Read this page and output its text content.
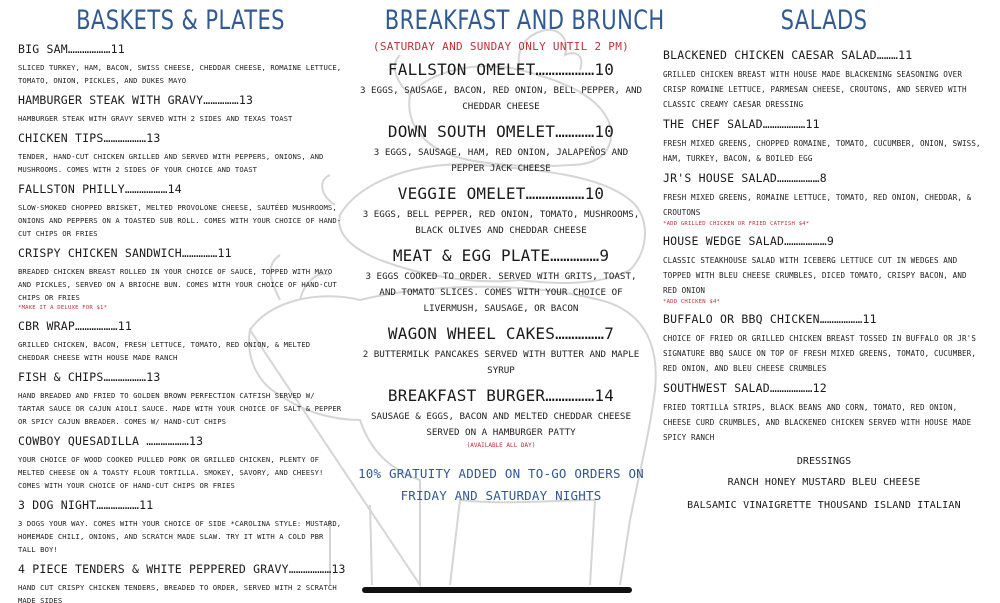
BASKETS & PLATES
BIG SAM………………11
SLICED TURKEY, HAM, BACON, SWISS CHEESE, CHEDDAR CHEESE, ROMAINE LETTUCE, TOMATO, ONION, PICKLES, AND DUKES MAYO
HAMBURGER STEAK WITH GRAVY……………13
HAMBURGER STEAK WITH GRAVY SERVED WITH 2 SIDES AND TEXAS TOAST
CHICKEN TIPS………………13
TENDER, HAND-CUT CHICKEN GRILLED AND SERVED WITH PEPPERS, ONIONS, AND MUSHROOMS. COMES WITH 2 SIDES OF YOUR CHOICE AND TOAST
FALLSTON PHILLY………………14
SLOW-SMOKED CHOPPED BRISKET, MELTED PROVOLONE CHEESE, SAUTÉED MUSHROOMS, ONIONS AND PEPPERS ON A TOASTED SUB ROLL. COMES WITH YOUR CHOICE OF HAND-CUT CHIPS OR FRIES
CRISPY CHICKEN SANDWICH……………11
BREADED CHICKEN BREAST ROLLED IN YOUR CHOICE OF SAUCE, TOPPED WITH MAYO AND PICKLES, SERVED ON A BRIOCHE BUN. COMES WITH YOUR CHOICE OF HAND-CUT CHIPS OR FRIES
*MAKE IT A DELUXE FOR $1*
CBR WRAP………………11
GRILLED CHICKEN, BACON, FRESH LETTUCE, TOMATO, RED ONION, & MELTED CHEDDAR CHEESE WITH HOUSE MADE RANCH
FISH & CHIPS………………13
HAND BREADED AND FRIED TO GOLDEN BROWN PERFECTION CATFISH SERVED W/ TARTAR SAUCE OR CAJUN AIOLI SAUCE. MADE WITH YOUR CHOICE OF SALT & PEPPER OR SPICY CAJUN BREADER. COMES W/ HAND-CUT CHIPS
COWBOY QUESADILLA ………………13
YOUR CHOICE OF WOOD COOKED PULLED PORK OR GRILLED CHICKEN, PLENTY OF MELTED CHEESE ON A TOASTY FLOUR TORTILLA. SMOKEY, SAVORY, AND CHEESY! COMES WITH YOUR CHOICE OF HAND-CUT CHIPS OR FRIES
3 DOG NIGHT………………11
3 DOGS YOUR WAY. COMES WITH YOUR CHOICE OF SIDE *CAROLINA STYLE: MUSTARD, HOMEMADE CHILI, ONIONS, AND SCRATCH MADE SLAW. TRY IT WITH A COLD PBR TALL BOY!
4 PIECE TENDERS & WHITE PEPPERED GRAVY………………13
HAND CUT CRISPY CHICKEN TENDERS, BREADED TO ORDER, SERVED WITH 2 SCRATCH MADE SIDES
BREAKFAST AND BRUNCH
(SATURDAY AND SUNDAY ONLY UNTIL 2 PM)
FALLSTON OMELET………………10
3 EGGS, SAUSAGE, BACON, RED ONION, BELL PEPPER, AND CHEDDAR CHEESE
DOWN SOUTH OMELET…………10
3 EGGS, SAUSAGE, HAM, RED ONION, JALAPEÑOS AND PEPPER JACK CHEESE
VEGGIE OMELET………………10
3 EGGS, BELL PEPPER, RED ONION, TOMATO, MUSHROOMS, BLACK OLIVES AND CHEDDAR CHEESE
MEAT & EGG PLATE……………9
3 EGGS COOKED TO ORDER. SERVED WITH GRITS, TOAST, AND TOMATO SLICES. COMES WITH YOUR CHOICE OF LIVERMUSH, SAUSAGE, OR BACON
WAGON WHEEL CAKES……………7
2 BUTTERMILK PANCAKES SERVED WITH BUTTER AND MAPLE SYRUP
BREAKFAST BURGER……………14
SAUSAGE & EGGS, BACON AND MELTED CHEDDAR CHEESE SERVED ON A HAMBURGER PATTY
(AVAILABLE ALL DAY)
10% GRATUITY ADDED ON TO-GO ORDERS ON FRIDAY AND SATURDAY NIGHTS
SALADS
BLACKENED CHICKEN CAESAR SALAD………11
GRILLED CHICKEN BREAST WITH HOUSE MADE BLACKENING SEASONING OVER CRISP ROMAINE LETTUCE, PARMESAN CHEESE, CROUTONS, AND SERVED WITH CLASSIC CREAMY CAESAR DRESSING
THE CHEF SALAD………………11
FRESH MIXED GREENS, CHOPPED ROMAINE, TOMATO, CUCUMBER, ONION, SWISS, HAM, TURKEY, BACON, & BOILED EGG
JR'S HOUSE SALAD………………8
FRESH MIXED GREENS, ROMAINE LETTUCE, TOMATO, RED ONION, CHEDDAR, & CROUTONS
*ADD GRILLED CHICKEN OR FRIED CATFISH $4*
HOUSE WEDGE SALAD………………9
CLASSIC STEAKHOUSE SALAD WITH ICEBERG LETTUCE CUT IN WEDGES AND TOPPED WITH BLEU CHEESE CRUMBLES, DICED TOMATO, CRISPY BACON, AND RED ONION
*ADD CHICKEN $4*
BUFFALO OR BBQ CHICKEN………………11
CHOICE OF FRIED OR GRILLED CHICKEN BREAST TOSSED IN BUFFALO OR JR'S SIGNATURE BBQ SAUCE ON TOP OF FRESH MIXED GREENS, TOMATO, CUCUMBER, RED ONION, AND BLEU CHEESE CRUMBLES
SOUTHWEST SALAD………………12
FRIED TORTILLA STRIPS, BLACK BEANS AND CORN, TOMATO, RED ONION, CHEESE CURD CRUMBLES, AND BLACKENED CHICKEN SERVED WITH HOUSE MADE SPICY RANCH
DRESSINGS
RANCH HONEY MUSTARD BLEU CHEESE
BALSAMIC VINAIGRETTE THOUSAND ISLAND ITALIAN
